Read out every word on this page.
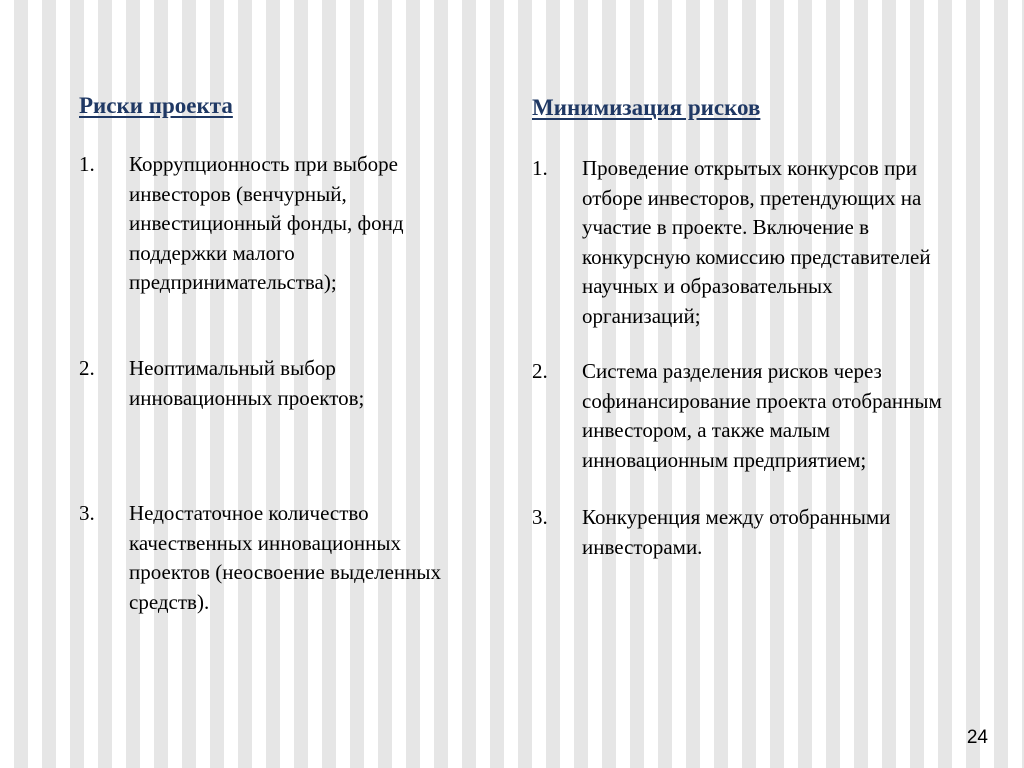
Риски проекта
1.	Коррупционность при выборе инвесторов (венчурный, инвестиционный фонды, фонд поддержки малого предпринимательства);
2.	Неоптимальный выбор инновационных проектов;
3.	Недостаточное количество качественных инновационных проектов (неосвоение выделенных средств).
Минимизация рисков
1.	Проведение открытых конкурсов при отборе инвесторов, претендующих на участие в проекте. Включение в конкурсную комиссию представителей научных и образовательных организаций;
2.	Система разделения рисков через софинансирование проекта отобранным инвестором, а также малым инновационным предприятием;
3.	Конкуренция между отобранными инвесторами.
24
